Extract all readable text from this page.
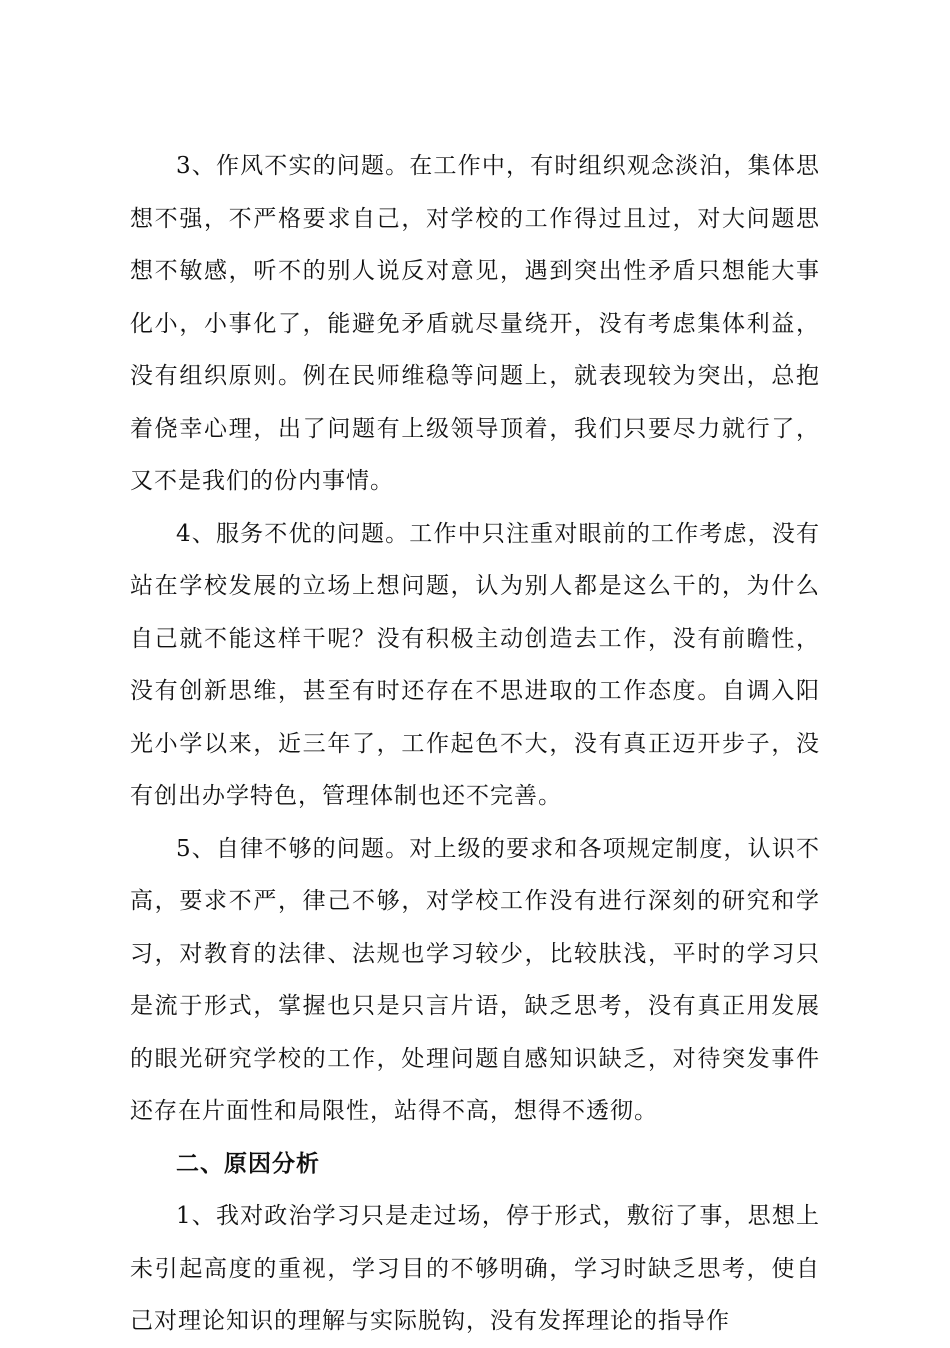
3、作风不实的问题。在工作中，有时组织观念淡泊，集体思想不强，不严格要求自己，对学校的工作得过且过，对大问题思想不敏感，听不的别人说反对意见，遇到突出性矛盾只想能大事化小，小事化了，能避免矛盾就尽量绕开，没有考虑集体利益，没有组织原则。例在民师维稳等问题上，就表现较为突出，总抱着侥幸心理，出了问题有上级领导顶着，我们只要尽力就行了，又不是我们的份内事情。

4、服务不优的问题。工作中只注重对眼前的工作考虑，没有站在学校发展的立场上想问题，认为别人都是这么干的，为什么自己就不能这样干呢？没有积极主动创造去工作，没有前瞻性，没有创新思维，甚至有时还存在不思进取的工作态度。自调入阳光小学以来，近三年了，工作起色不大，没有真正迈开步子，没有创出办学特色，管理体制也还不完善。

5、自律不够的问题。对上级的要求和各项规定制度，认识不高，要求不严，律己不够，对学校工作没有进行深刻的研究和学习，对教育的法律、法规也学习较少，比较肤浅，平时的学习只是流于形式，掌握也只是只言片语，缺乏思考，没有真正用发展的眼光研究学校的工作，处理问题自感知识缺乏，对待突发事件还存在片面性和局限性，站得不高，想得不透彻。

二、原因分析

1、我对政治学习只是走过场，停于形式，敷衍了事，思想上未引起高度的重视，学习目的不够明确，学习时缺乏思考，使自己对理论知识的理解与实际脱钩，没有发挥理论的指导作
